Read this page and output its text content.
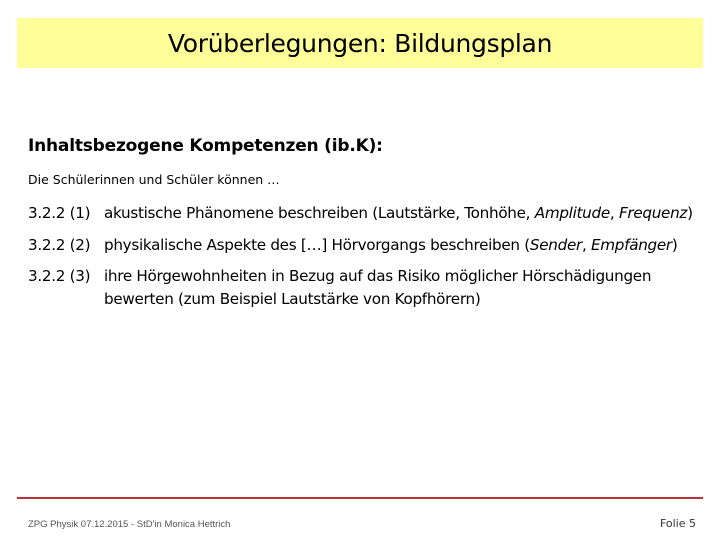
Vorüberlegungen: Bildungsplan
Inhaltsbezogene Kompetenzen (ib.K):
Die Schülerinnen und Schüler können …
3.2.2 (1) akustische Phänomene beschreiben (Lautstärke, Tonhöhe, Amplitude, Frequenz)
3.2.2 (2) physikalische Aspekte des […] Hörvorgangs beschreiben (Sender, Empfänger)
3.2.2 (3) ihre Hörgewohnheiten in Bezug auf das Risiko möglicher Hörschädigungen bewerten (zum Beispiel Lautstärke von Kopfhörern)
ZPG Physik 07.12.2015 - StD'in Monica Hettrich	Folie 5
